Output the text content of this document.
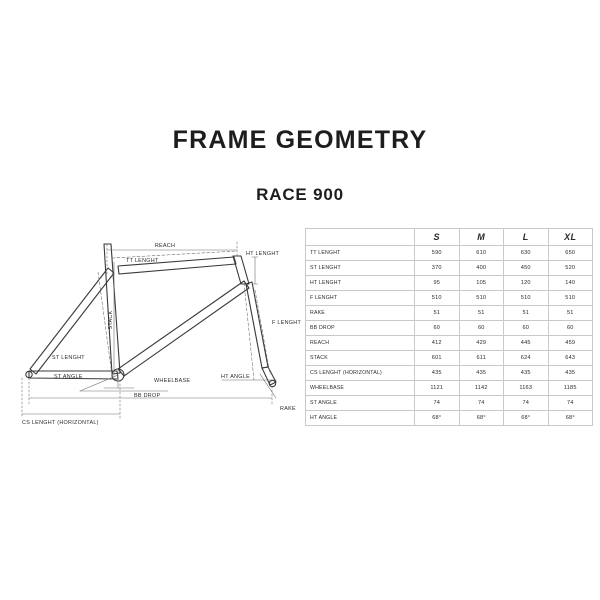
FRAME GEOMETRY
RACE 900
REACH
TT LENGHT
HT LENGHT
STACK	F LENGHT
ST LENGHT
ST ANGLE
WHEELBASE
HT ANGLE
BB DROP
RAKE
CS LENGHT (HORIZONTAL)
	S	M	L	XL
TT LENGHT	590	610	630	650
ST LENGHT	370	400	450	520
HT LENGHT	95	105	120	140
F LENGHT	510	510	510	510
RAKE	51	51	51	51
BB DROP	60	60	60	60
REACH	412	429	445	459
STACK	601	611	624	643
CS LENGHT (HORIZONTAL)	435	435	435	435
WHEELBASE	1121	1142	1163	1185
ST ANGLE	74	74	74	74
HT ANGLE	68°	68°	68°	68°
